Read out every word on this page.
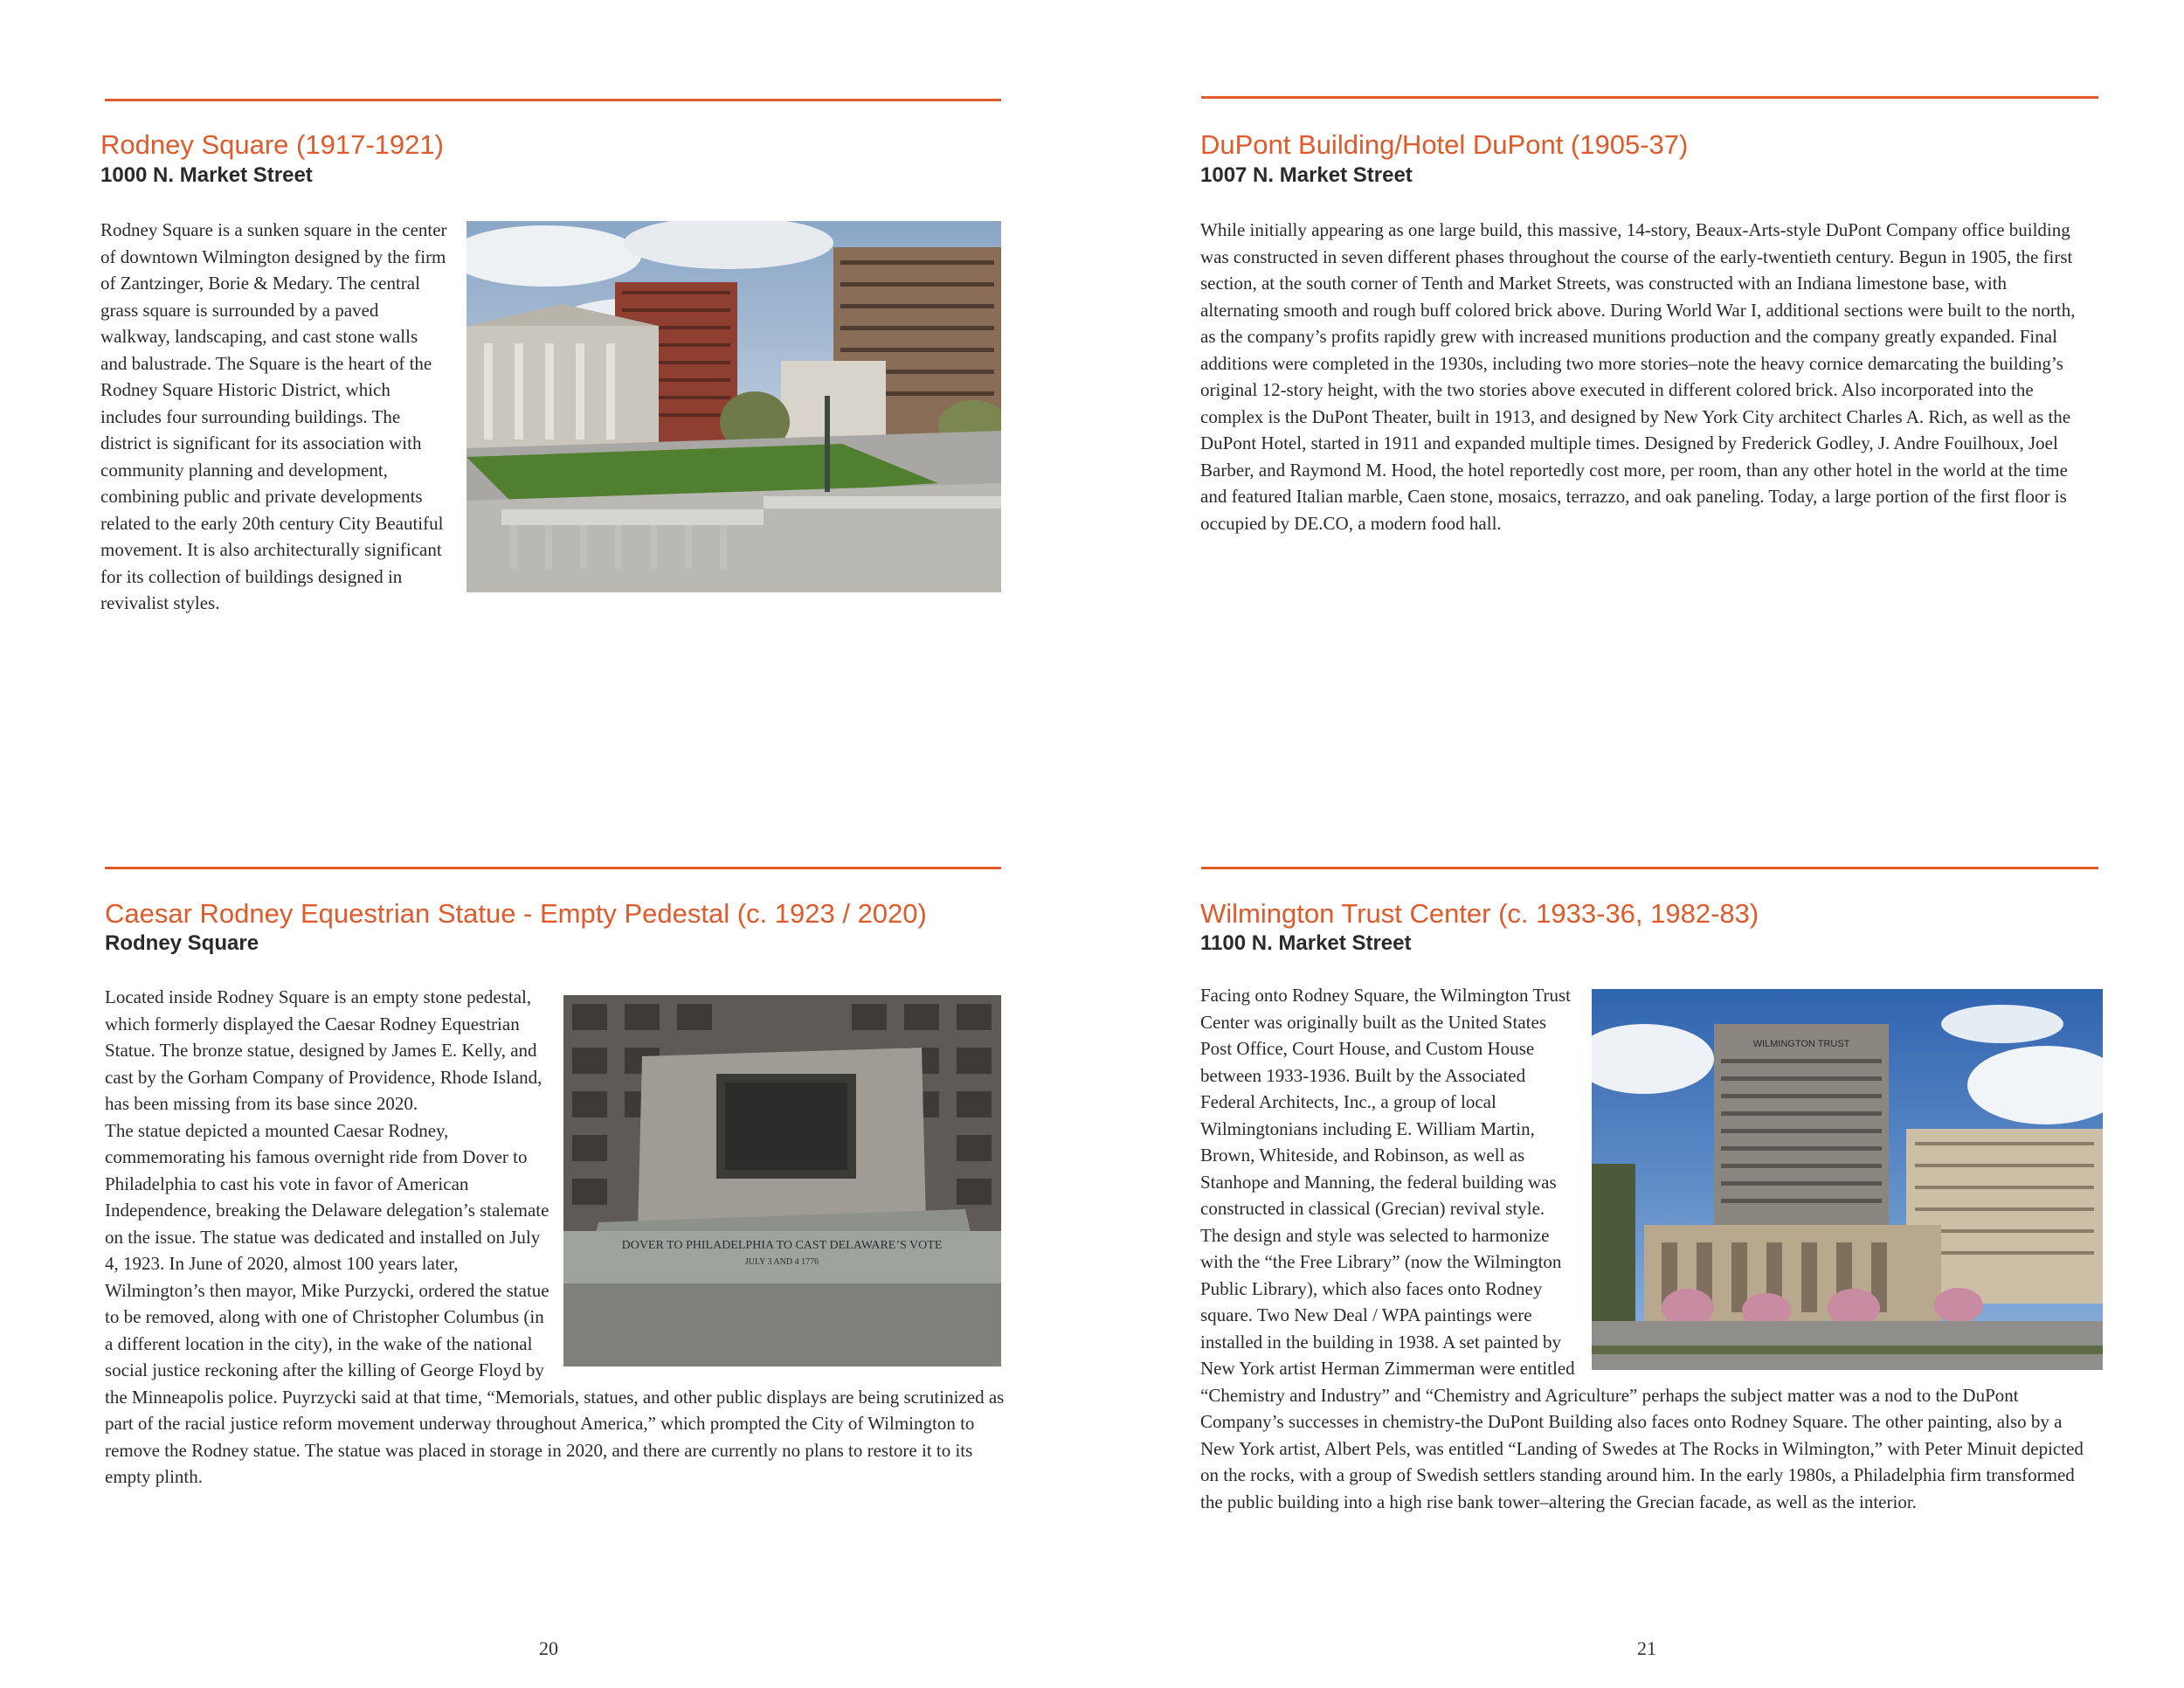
Rodney Square (1917-1921)
1000 N. Market Street

Rodney Square is a sunken square in the center of downtown Wilmington designed by the firm of Zantzinger, Borie & Medary. The central grass square is surrounded by a paved walkway, landscaping, and cast stone walls and balustrade. The Square is the heart of the Rodney Square Historic District, which includes four surrounding buildings. The district is significant for its association with community planning and development, combining public and private developments related to the early 20th century City Beautiful movement. It is also architecturally significant for its collection of buildings designed in revivalist styles.

DuPont Building/Hotel DuPont (1905-37)
1007 N. Market Street

While initially appearing as one large build, this massive, 14-story, Beaux-Arts-style DuPont Company office building was constructed in seven different phases throughout the course of the early-twentieth century. Begun in 1905, the first section, at the south corner of Tenth and Market Streets, was constructed with an Indiana limestone base, with alternating smooth and rough buff colored brick above. During World War I, additional sections were built to the north, as the company’s profits rapidly grew with increased munitions production and the company greatly expanded. Final additions were completed in the 1930s, including two more stories–note the heavy cornice demarcating the building’s original 12-story height, with the two stories above executed in different colored brick. Also incorporated into the complex is the DuPont Theater, built in 1913, and designed by New York City architect Charles A. Rich, as well as the DuPont Hotel, started in 1911 and expanded multiple times. Designed by Frederick Godley, J. Andre Fouilhoux, Joel Barber, and Raymond M. Hood, the hotel reportedly cost more, per room, than any other hotel in the world at the time and featured Italian marble, Caen stone, mosaics, terrazzo, and oak paneling. Today, a large portion of the first floor is occupied by DE.CO, a modern food hall.

Caesar Rodney Equestrian Statue - Empty Pedestal (c. 1923 / 2020)
Rodney Square
DOVER TO PHILADELPHIA TO CAST DELAWARE’S VOTE
JULY 3 AND 4 1776
Located inside Rodney Square is an empty stone pedestal, which formerly displayed the Caesar Rodney Equestrian Statue. The bronze statue, designed by James E. Kelly, and cast by the Gorham Company of Providence, Rhode Island, has been missing from its base since 2020.
The statue depicted a mounted Caesar Rodney, commemorating his famous overnight ride from Dover to Philadelphia to cast his vote in favor of American Independence, breaking the Delaware delegation’s stalemate on the issue. The statue was dedicated and installed on July 4, 1923. In June of 2020, almost 100 years later, Wilmington’s then mayor, Mike Purzycki, ordered the statue to be removed, along with one of Christopher Columbus (in a different location in the city), in the wake of the national social justice reckoning after the killing of George Floyd by the Minneapolis police. Puyrzycki said at that time, “Memorials, statues, and other public displays are being scrutinized as part of the racial justice reform movement underway throughout America,” which prompted the City of Wilmington to remove the Rodney statue. The statue was placed in storage in 2020, and there are currently no plans to restore it to its empty plinth.
Wilmington Trust Center (c. 1933-36, 1982-83)
1100 N. Market Street
WILMINGTON TRUST

Facing onto Rodney Square, the Wilmington Trust Center was originally built as the United States Post Office, Court House, and Custom House between 1933-1936. Built by the Associated Federal Architects, Inc., a group of local Wilmingtonians including E. William Martin, Brown, Whiteside, and Robinson, as well as Stanhope and Manning, the federal building was constructed in classical (Grecian) revival style. The design and style was selected to harmonize with the “the Free Library” (now the Wilmington Public Library), which also faces onto Rodney square. Two New Deal / WPA paintings were installed in the building in 1938. A set painted by New York artist Herman Zimmerman were entitled “Chemistry and Industry” and “Chemistry and Agriculture” perhaps the subject matter was a nod to the DuPont Company’s successes in chemistry-the DuPont Building also faces onto Rodney Square. The other painting, also by a New York artist, Albert Pels, was entitled “Landing of Swedes at The Rocks in Wilmington,” with Peter Minuit depicted on the rocks, with a group of Swedish settlers standing around him. In the early 1980s, a Philadelphia firm transformed the public building into a high rise bank tower–altering the Grecian facade, as well as the interior.

20	21
